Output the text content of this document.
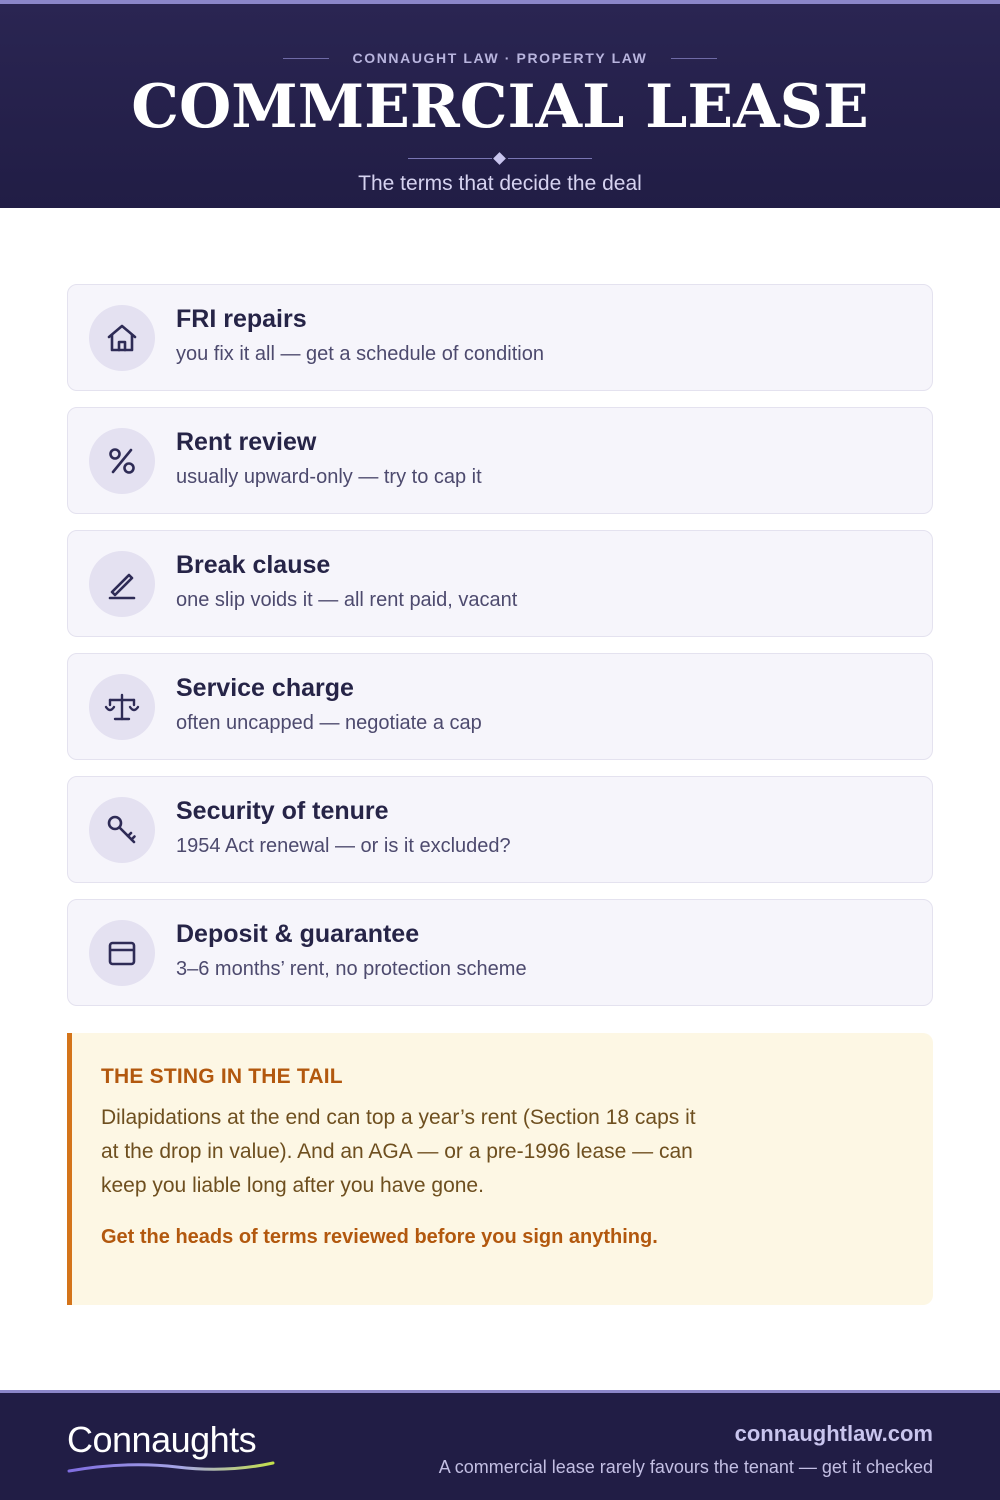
CONNAUGHT LAW · PROPERTY LAW
COMMERCIAL LEASE
The terms that decide the deal
FRI repairs
you fix it all — get a schedule of condition
Rent review
usually upward-only — try to cap it
Break clause
one slip voids it — all rent paid, vacant
Service charge
often uncapped — negotiate a cap
Security of tenure
1954 Act renewal — or is it excluded?
Deposit & guarantee
3–6 months’ rent, no protection scheme
THE STING IN THE TAIL
Dilapidations at the end can top a year’s rent (Section 18 caps it at the drop in value). And an AGA — or a pre-1996 lease — can keep you liable long after you have gone.
Get the heads of terms reviewed before you sign anything.
Connaughts	connaughtlaw.com
A commercial lease rarely favours the tenant — get it checked
